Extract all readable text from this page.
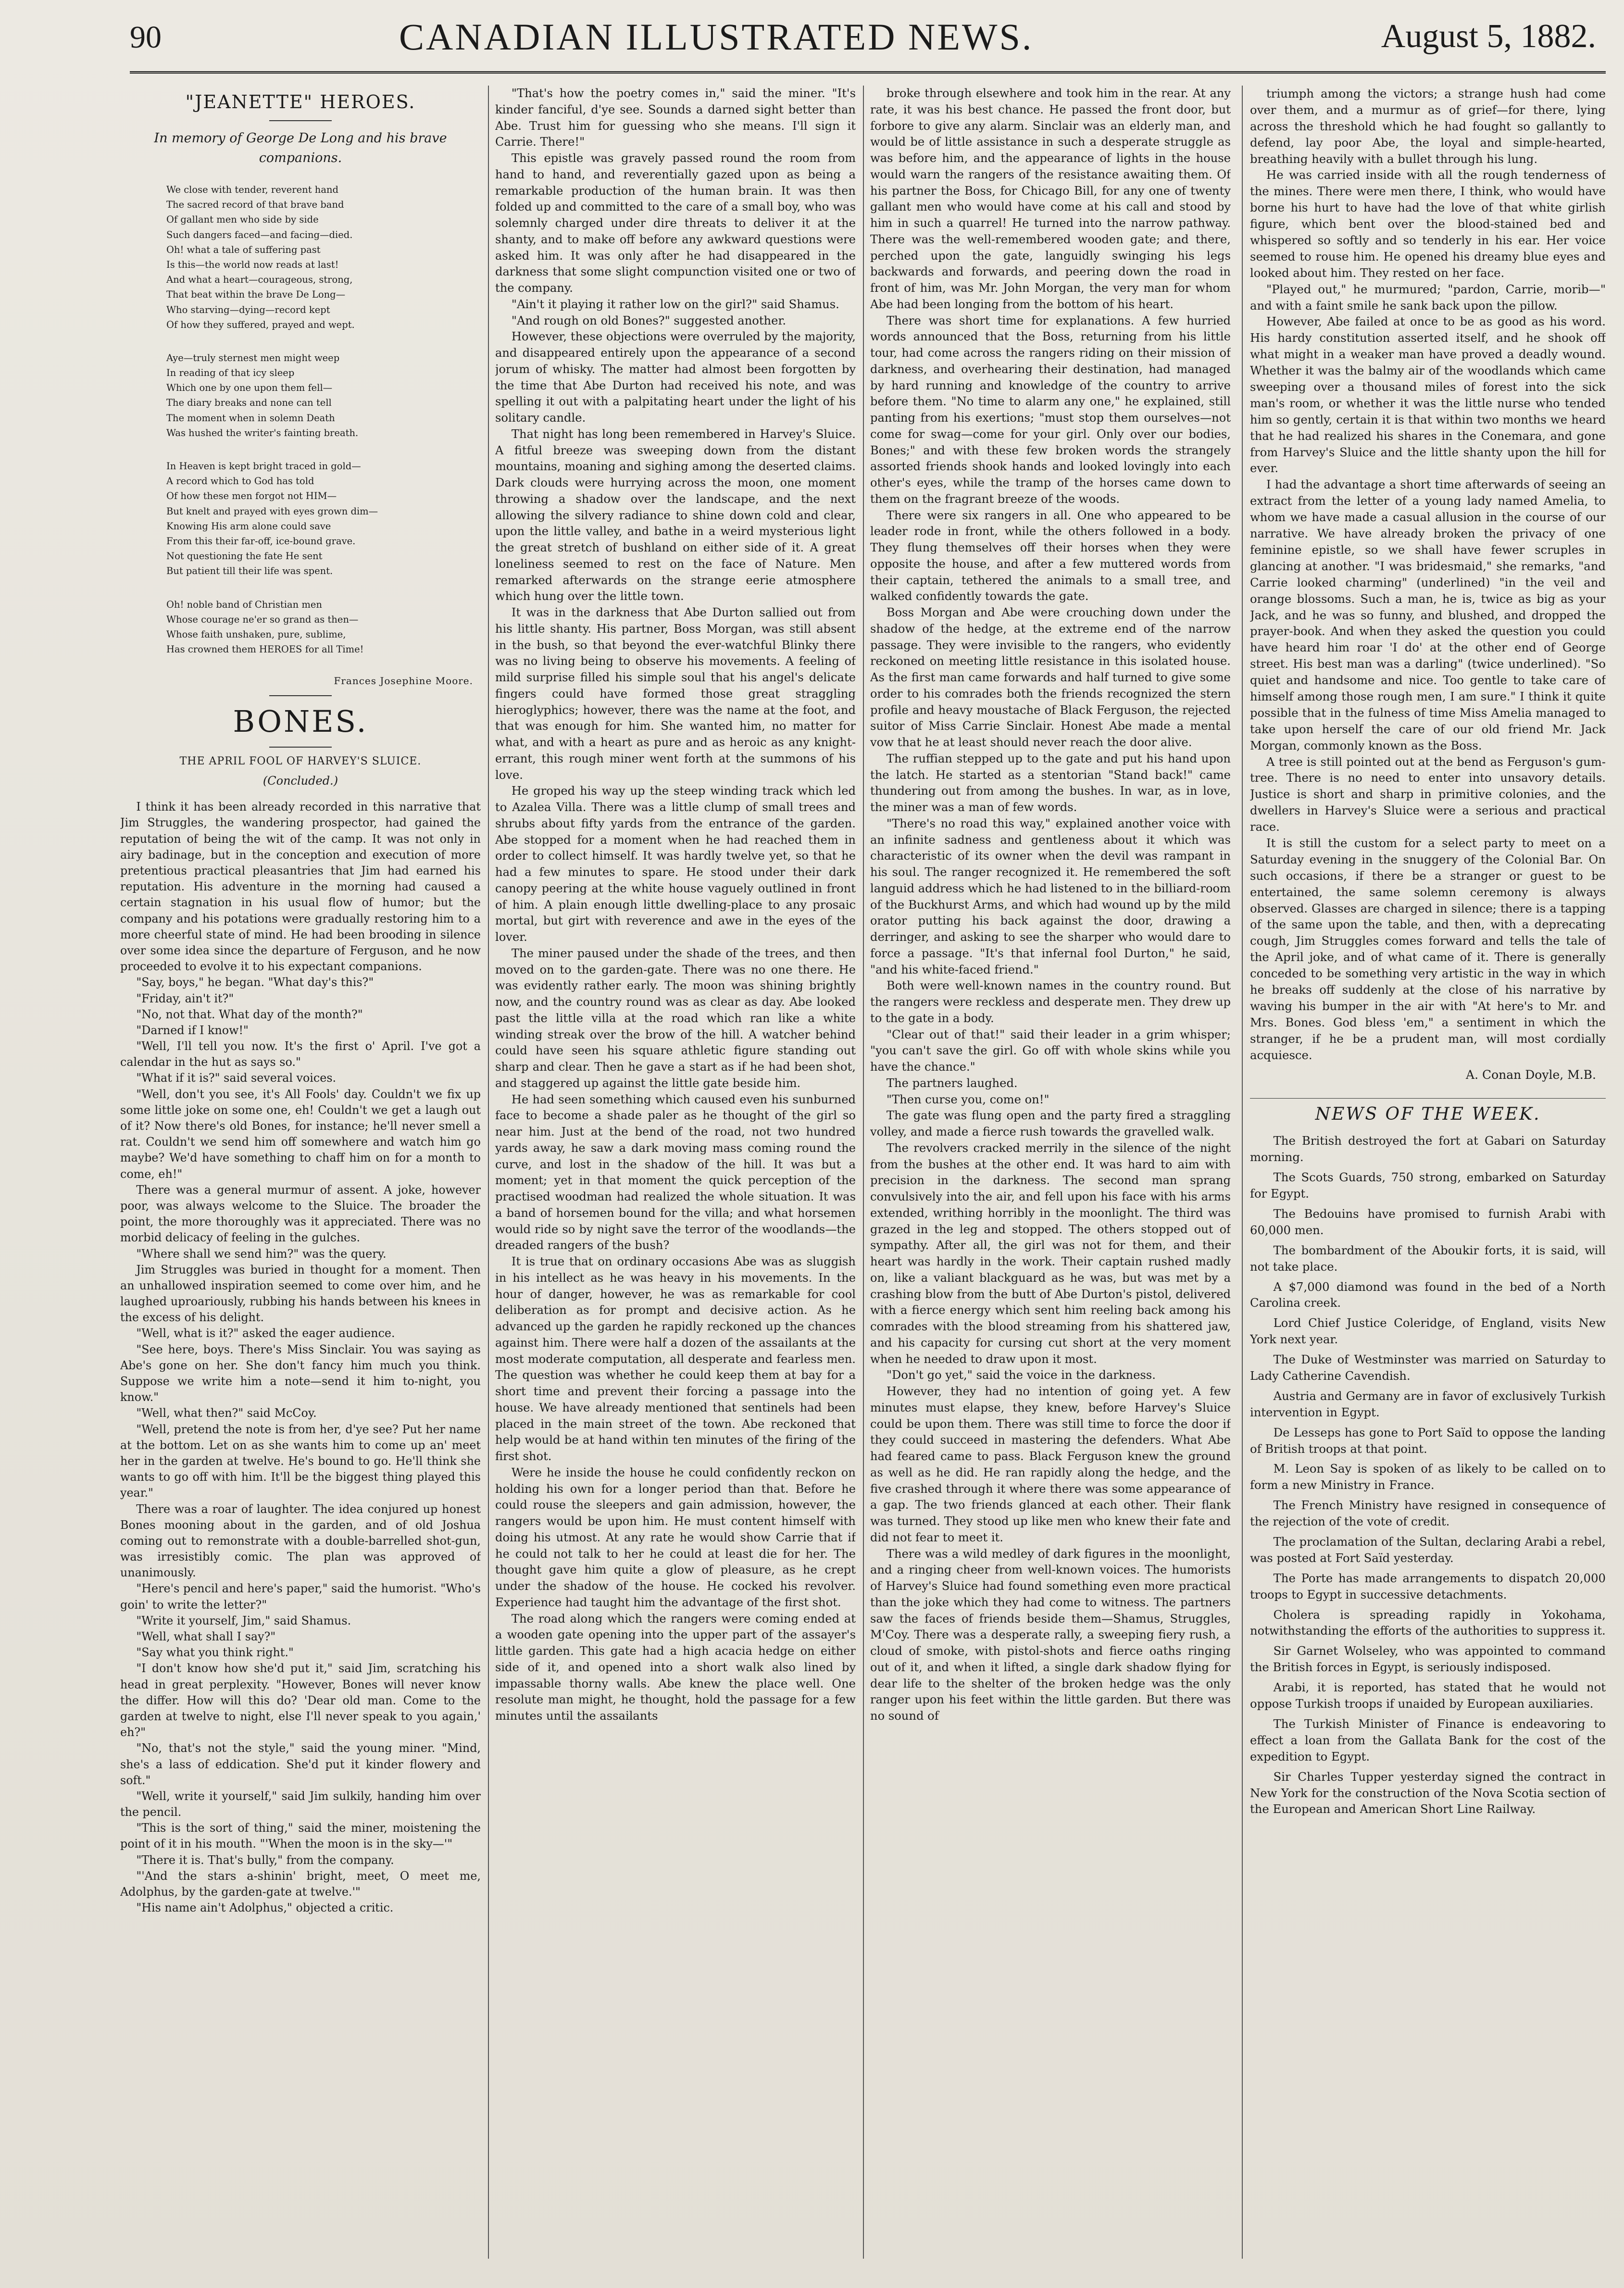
90	CANADIAN ILLUSTRATED NEWS.	August 5, 1882.
"JEANETTE" HEROES.
In memory of George De Long and his brave companions.
We close with tender, reverent hand
The sacred record of that brave band
Of gallant men who side by side
Such dangers faced—and facing—died.
Oh! what a tale of suffering past
Is this—the world now reads at last!
And what a heart—courageous, strong,
That beat within the brave De Long—
Who starving—dying—record kept
Of how they suffered, prayed and wept.
Aye—truly sternest men might weep
In reading of that icy sleep
Which one by one upon them fell—
The diary breaks and none can tell
The moment when in solemn Death
Was hushed the writer's fainting breath.
In Heaven is kept bright traced in gold—
A record which to God has told
Of how these men forgot not HIM—
But knelt and prayed with eyes grown dim—
Knowing His arm alone could save
From this their far-off, ice-bound grave.
Not questioning the fate He sent
But patient till their life was spent.
Oh! noble band of Christian men
Whose courage ne'er so grand as then—
Whose faith unshaken, pure, sublime,
Has crowned them HEROES for all Time!
Frances Josephine Moore.
BONES.
THE APRIL FOOL OF HARVEY'S SLUICE.
(Concluded.)

I think it has been already recorded in this narrative that Jim Struggles, the wandering prospector, had gained the reputation of being the wit of the camp. It was not only in airy badinage, but in the conception and execution of more pretentious practical pleasantries that Jim had earned his reputation. His adventure in the morning had caused a certain stagnation in his usual flow of humor; but the company and his potations were gradually restoring him to a more cheerful state of mind. He had been brooding in silence over some idea since the departure of Ferguson, and he now proceeded to evolve it to his expectant companions.

"Say, boys," he began. "What day's this?"

"Friday, ain't it?"

"No, not that. What day of the month?"

"Darned if I know!"

"Well, I'll tell you now. It's the first o' April. I've got a calendar in the hut as says so."

"What if it is?" said several voices.

"Well, don't you see, it's All Fools' day. Couldn't we fix up some little joke on some one, eh! Couldn't we get a laugh out of it? Now there's old Bones, for instance; he'll never smell a rat. Couldn't we send him off somewhere and watch him go maybe? We'd have something to chaff him on for a month to come, eh!"

There was a general murmur of assent. A joke, however poor, was always welcome to the Sluice. The broader the point, the more thoroughly was it appreciated. There was no morbid delicacy of feeling in the gulches.

"Where shall we send him?" was the query.

Jim Struggles was buried in thought for a moment. Then an unhallowed inspiration seemed to come over him, and he laughed uproariously, rubbing his hands between his knees in the excess of his delight.

"Well, what is it?" asked the eager audience.

"See here, boys. There's Miss Sinclair. You was saying as Abe's gone on her. She don't fancy him much you think. Suppose we write him a note—send it him to-night, you know."

"Well, what then?" said McCoy.

"Well, pretend the note is from her, d'ye see? Put her name at the bottom. Let on as she wants him to come up an' meet her in the garden at twelve. He's bound to go. He'll think she wants to go off with him. It'll be the biggest thing played this year."

There was a roar of laughter. The idea conjured up honest Bones mooning about in the garden, and of old Joshua coming out to remonstrate with a double-barrelled shot-gun, was irresistibly comic. The plan was approved of unanimously.

"Here's pencil and here's paper," said the humorist. "Who's goin' to write the letter?"

"Write it yourself, Jim," said Shamus.

"Well, what shall I say?"

"Say what you think right."

"I don't know how she'd put it," said Jim, scratching his head in great perplexity. "However, Bones will never know the differ. How will this do? 'Dear old man. Come to the garden at twelve to night, else I'll never speak to you again,' eh?"

"No, that's not the style," said the young miner. "Mind, she's a lass of eddication. She'd put it kinder flowery and soft."

"Well, write it yourself," said Jim sulkily, handing him over the pencil.

"This is the sort of thing," said the miner, moistening the point of it in his mouth. "'When the moon is in the sky—'"

"There it is. That's bully," from the company.

"'And the stars a-shinin' bright, meet, O meet me, Adolphus, by the garden-gate at twelve.'"

"His name ain't Adolphus," objected a critic.

"That's how the poetry comes in," said the miner. "It's kinder fanciful, d'ye see. Sounds a darned sight better than Abe. Trust him for guessing who she means. I'll sign it Carrie. There!"

This epistle was gravely passed round the room from hand to hand, and reverentially gazed upon as being a remarkable production of the human brain. It was then folded up and committed to the care of a small boy, who was solemnly charged under dire threats to deliver it at the shanty, and to make off before any awkward questions were asked him. It was only after he had disappeared in the darkness that some slight compunction visited one or two of the company.

"Ain't it playing it rather low on the girl?" said Shamus.

"And rough on old Bones?" suggested another.

However, these objections were overruled by the majority, and disappeared entirely upon the appearance of a second jorum of whisky. The matter had almost been forgotten by the time that Abe Durton had received his note, and was spelling it out with a palpitating heart under the light of his solitary candle.

That night has long been remembered in Harvey's Sluice. A fitful breeze was sweeping down from the distant mountains, moaning and sighing among the deserted claims. Dark clouds were hurrying across the moon, one moment throwing a shadow over the landscape, and the next allowing the silvery radiance to shine down cold and clear, upon the little valley, and bathe in a weird mysterious light the great stretch of bushland on either side of it. A great loneliness seemed to rest on the face of Nature. Men remarked afterwards on the strange eerie atmosphere which hung over the little town.

It was in the darkness that Abe Durton sallied out from his little shanty. His partner, Boss Morgan, was still absent in the bush, so that beyond the ever-watchful Blinky there was no living being to observe his movements. A feeling of mild surprise filled his simple soul that his angel's delicate fingers could have formed those great straggling hieroglyphics; however, there was the name at the foot, and that was enough for him. She wanted him, no matter for what, and with a heart as pure and as heroic as any knight-errant, this rough miner went forth at the summons of his love.

He groped his way up the steep winding track which led to Azalea Villa. There was a little clump of small trees and shrubs about fifty yards from the entrance of the garden. Abe stopped for a moment when he had reached them in order to collect himself. It was hardly twelve yet, so that he had a few minutes to spare. He stood under their dark canopy peering at the white house vaguely outlined in front of him. A plain enough little dwelling-place to any prosaic mortal, but girt with reverence and awe in the eyes of the lover.

The miner paused under the shade of the trees, and then moved on to the garden-gate. There was no one there. He was evidently rather early. The moon was shining brightly now, and the country round was as clear as day. Abe looked past the little villa at the road which ran like a white winding streak over the brow of the hill. A watcher behind could have seen his square athletic figure standing out sharp and clear. Then he gave a start as if he had been shot, and staggered up against the little gate beside him.

He had seen something which caused even his sunburned face to become a shade paler as he thought of the girl so near him. Just at the bend of the road, not two hundred yards away, he saw a dark moving mass coming round the curve, and lost in the shadow of the hill. It was but a moment; yet in that moment the quick perception of the practised woodman had realized the whole situation. It was a band of horsemen bound for the villa; and what horsemen would ride so by night save the terror of the woodlands—the dreaded rangers of the bush?

It is true that on ordinary occasions Abe was as sluggish in his intellect as he was heavy in his movements. In the hour of danger, however, he was as remarkable for cool deliberation as for prompt and decisive action. As he advanced up the garden he rapidly reckoned up the chances against him. There were half a dozen of the assailants at the most moderate computation, all desperate and fearless men. The question was whether he could keep them at bay for a short time and prevent their forcing a passage into the house. We have already mentioned that sentinels had been placed in the main street of the town. Abe reckoned that help would be at hand within ten minutes of the firing of the first shot.

Were he inside the house he could confidently reckon on holding his own for a longer period than that. Before he could rouse the sleepers and gain admission, however, the rangers would be upon him. He must content himself with doing his utmost. At any rate he would show Carrie that if he could not talk to her he could at least die for her. The thought gave him quite a glow of pleasure, as he crept under the shadow of the house. He cocked his revolver. Experience had taught him the advantage of the first shot.

The road along which the rangers were coming ended at a wooden gate opening into the upper part of the assayer's little garden. This gate had a high acacia hedge on either side of it, and opened into a short walk also lined by impassable thorny walls. Abe knew the place well. One resolute man might, he thought, hold the passage for a few minutes until the assailants

broke through elsewhere and took him in the rear. At any rate, it was his best chance. He passed the front door, but forbore to give any alarm. Sinclair was an elderly man, and would be of little assistance in such a desperate struggle as was before him, and the appearance of lights in the house would warn the rangers of the resistance awaiting them. Of his partner the Boss, for Chicago Bill, for any one of twenty gallant men who would have come at his call and stood by him in such a quarrel! He turned into the narrow pathway. There was the well-remembered wooden gate; and there, perched upon the gate, languidly swinging his legs backwards and forwards, and peering down the road in front of him, was Mr. John Morgan, the very man for whom Abe had been longing from the bottom of his heart.

There was short time for explanations. A few hurried words announced that the Boss, returning from his little tour, had come across the rangers riding on their mission of darkness, and overhearing their destination, had managed by hard running and knowledge of the country to arrive before them. "No time to alarm any one," he explained, still panting from his exertions; "must stop them ourselves—not come for swag—come for your girl. Only over our bodies, Bones;" and with these few broken words the strangely assorted friends shook hands and looked lovingly into each other's eyes, while the tramp of the horses came down to them on the fragrant breeze of the woods.

There were six rangers in all. One who appeared to be leader rode in front, while the others followed in a body. They flung themselves off their horses when they were opposite the house, and after a few muttered words from their captain, tethered the animals to a small tree, and walked confidently towards the gate.

Boss Morgan and Abe were crouching down under the shadow of the hedge, at the extreme end of the narrow passage. They were invisible to the rangers, who evidently reckoned on meeting little resistance in this isolated house. As the first man came forwards and half turned to give some order to his comrades both the friends recognized the stern profile and heavy moustache of Black Ferguson, the rejected suitor of Miss Carrie Sinclair. Honest Abe made a mental vow that he at least should never reach the door alive.

The ruffian stepped up to the gate and put his hand upon the latch. He started as a stentorian "Stand back!" came thundering out from among the bushes. In war, as in love, the miner was a man of few words.

"There's no road this way," explained another voice with an infinite sadness and gentleness about it which was characteristic of its owner when the devil was rampant in his soul. The ranger recognized it. He remembered the soft languid address which he had listened to in the billiard-room of the Buckhurst Arms, and which had wound up by the mild orator putting his back against the door, drawing a derringer, and asking to see the sharper who would dare to force a passage. "It's that infernal fool Durton," he said, "and his white-faced friend."

Both were well-known names in the country round. But the rangers were reckless and desperate men. They drew up to the gate in a body.

"Clear out of that!" said their leader in a grim whisper; "you can't save the girl. Go off with whole skins while you have the chance."

The partners laughed.

"Then curse you, come on!"

The gate was flung open and the party fired a straggling volley, and made a fierce rush towards the gravelled walk.

The revolvers cracked merrily in the silence of the night from the bushes at the other end. It was hard to aim with precision in the darkness. The second man sprang convulsively into the air, and fell upon his face with his arms extended, writhing horribly in the moonlight. The third was grazed in the leg and stopped. The others stopped out of sympathy. After all, the girl was not for them, and their heart was hardly in the work. Their captain rushed madly on, like a valiant blackguard as he was, but was met by a crashing blow from the butt of Abe Durton's pistol, delivered with a fierce energy which sent him reeling back among his comrades with the blood streaming from his shattered jaw, and his capacity for cursing cut short at the very moment when he needed to draw upon it most.

"Don't go yet," said the voice in the darkness.

However, they had no intention of going yet. A few minutes must elapse, they knew, before Harvey's Sluice could be upon them. There was still time to force the door if they could succeed in mastering the defenders. What Abe had feared came to pass. Black Ferguson knew the ground as well as he did. He ran rapidly along the hedge, and the five crashed through it where there was some appearance of a gap. The two friends glanced at each other. Their flank was turned. They stood up like men who knew their fate and did not fear to meet it.

There was a wild medley of dark figures in the moonlight, and a ringing cheer from well-known voices. The humorists of Harvey's Sluice had found something even more practical than the joke which they had come to witness. The partners saw the faces of friends beside them—Shamus, Struggles, M'Coy. There was a desperate rally, a sweeping fiery rush, a cloud of smoke, with pistol-shots and fierce oaths ringing out of it, and when it lifted, a single dark shadow flying for dear life to the shelter of the broken hedge was the only ranger upon his feet within the little garden. But there was no sound of

triumph among the victors; a strange hush had come over them, and a murmur as of grief—for there, lying across the threshold which he had fought so gallantly to defend, lay poor Abe, the loyal and simple-hearted, breathing heavily with a bullet through his lung.

He was carried inside with all the rough tenderness of the mines. There were men there, I think, who would have borne his hurt to have had the love of that white girlish figure, which bent over the blood-stained bed and whispered so softly and so tenderly in his ear. Her voice seemed to rouse him. He opened his dreamy blue eyes and looked about him. They rested on her face.

"Played out," he murmured; "pardon, Carrie, morib—" and with a faint smile he sank back upon the pillow.

However, Abe failed at once to be as good as his word. His hardy constitution asserted itself, and he shook off what might in a weaker man have proved a deadly wound. Whether it was the balmy air of the woodlands which came sweeping over a thousand miles of forest into the sick man's room, or whether it was the little nurse who tended him so gently, certain it is that within two months we heard that he had realized his shares in the Conemara, and gone from Harvey's Sluice and the little shanty upon the hill for ever.

I had the advantage a short time afterwards of seeing an extract from the letter of a young lady named Amelia, to whom we have made a casual allusion in the course of our narrative. We have already broken the privacy of one feminine epistle, so we shall have fewer scruples in glancing at another. "I was bridesmaid," she remarks, "and Carrie looked charming" (underlined) "in the veil and orange blossoms. Such a man, he is, twice as big as your Jack, and he was so funny, and blushed, and dropped the prayer-book. And when they asked the question you could have heard him roar 'I do' at the other end of George street. His best man was a darling" (twice underlined). "So quiet and handsome and nice. Too gentle to take care of himself among those rough men, I am sure." I think it quite possible that in the fulness of time Miss Amelia managed to take upon herself the care of our old friend Mr. Jack Morgan, commonly known as the Boss.

A tree is still pointed out at the bend as Ferguson's gum-tree. There is no need to enter into unsavory details. Justice is short and sharp in primitive colonies, and the dwellers in Harvey's Sluice were a serious and practical race.

It is still the custom for a select party to meet on a Saturday evening in the snuggery of the Colonial Bar. On such occasions, if there be a stranger or guest to be entertained, the same solemn ceremony is always observed. Glasses are charged in silence; there is a tapping of the same upon the table, and then, with a deprecating cough, Jim Struggles comes forward and tells the tale of the April joke, and of what came of it. There is generally conceded to be something very artistic in the way in which he breaks off suddenly at the close of his narrative by waving his bumper in the air with "At here's to Mr. and Mrs. Bones. God bless 'em," a sentiment in which the stranger, if he be a prudent man, will most cordially acquiesce.

A. Conan Doyle, M.B.
NEWS OF THE WEEK.

The British destroyed the fort at Gabari on Saturday morning.

The Scots Guards, 750 strong, embarked on Saturday for Egypt.

The Bedouins have promised to furnish Arabi with 60,000 men.

The bombardment of the Aboukir forts, it is said, will not take place.

A $7,000 diamond was found in the bed of a North Carolina creek.

Lord Chief Justice Coleridge, of England, visits New York next year.

The Duke of Westminster was married on Saturday to Lady Catherine Cavendish.

Austria and Germany are in favor of exclusively Turkish intervention in Egypt.

De Lesseps has gone to Port Saïd to oppose the landing of British troops at that point.

M. Leon Say is spoken of as likely to be called on to form a new Ministry in France.

The French Ministry have resigned in consequence of the rejection of the vote of credit.

The proclamation of the Sultan, declaring Arabi a rebel, was posted at Fort Saïd yesterday.

The Porte has made arrangements to dispatch 20,000 troops to Egypt in successive detachments.

Cholera is spreading rapidly in Yokohama, notwithstanding the efforts of the authorities to suppress it.

Sir Garnet Wolseley, who was appointed to command the British forces in Egypt, is seriously indisposed.

Arabi, it is reported, has stated that he would not oppose Turkish troops if unaided by European auxiliaries.

The Turkish Minister of Finance is endeavoring to effect a loan from the Gallata Bank for the cost of the expedition to Egypt.

Sir Charles Tupper yesterday signed the contract in New York for the construction of the Nova Scotia section of the European and American Short Line Railway.
